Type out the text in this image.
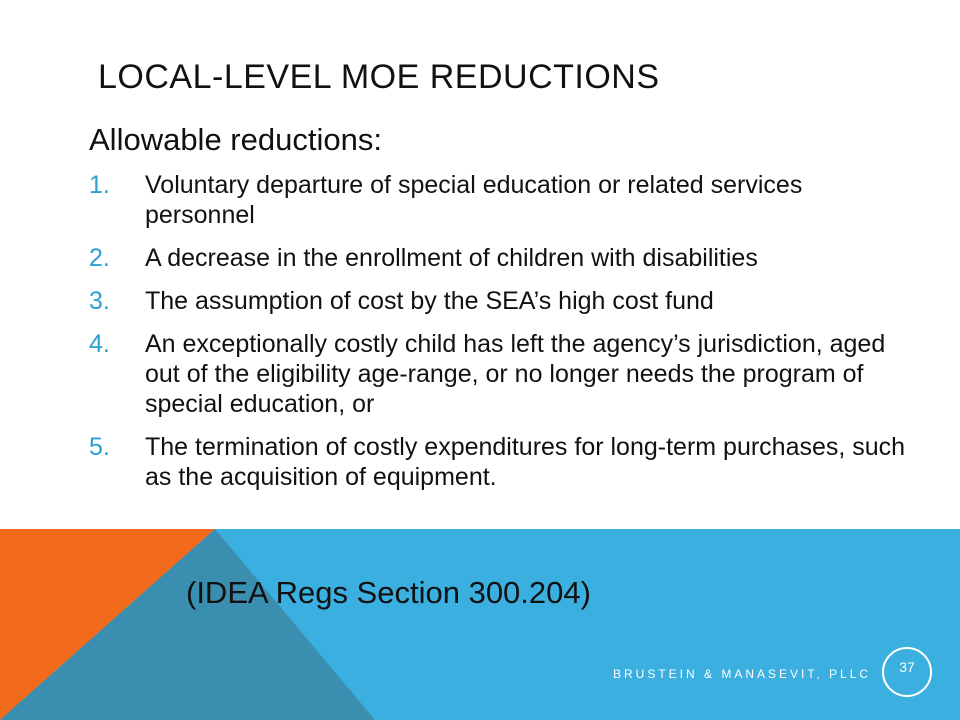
LOCAL-LEVEL MOE REDUCTIONS
Allowable reductions:
1.	Voluntary departure of special education or related services personnel
2.	A decrease in the enrollment of children with disabilities
3.	The assumption of cost by the SEA’s high cost fund
4.	An exceptionally costly child has left the agency’s jurisdiction, aged out of the eligibility age-range, or no longer needs the program of special education, or
5.	The termination of costly expenditures for long-term purchases, such as the acquisition of equipment.
(IDEA Regs Section 300.204)
BRUSTEIN & MANASEVIT, PLLC	37
